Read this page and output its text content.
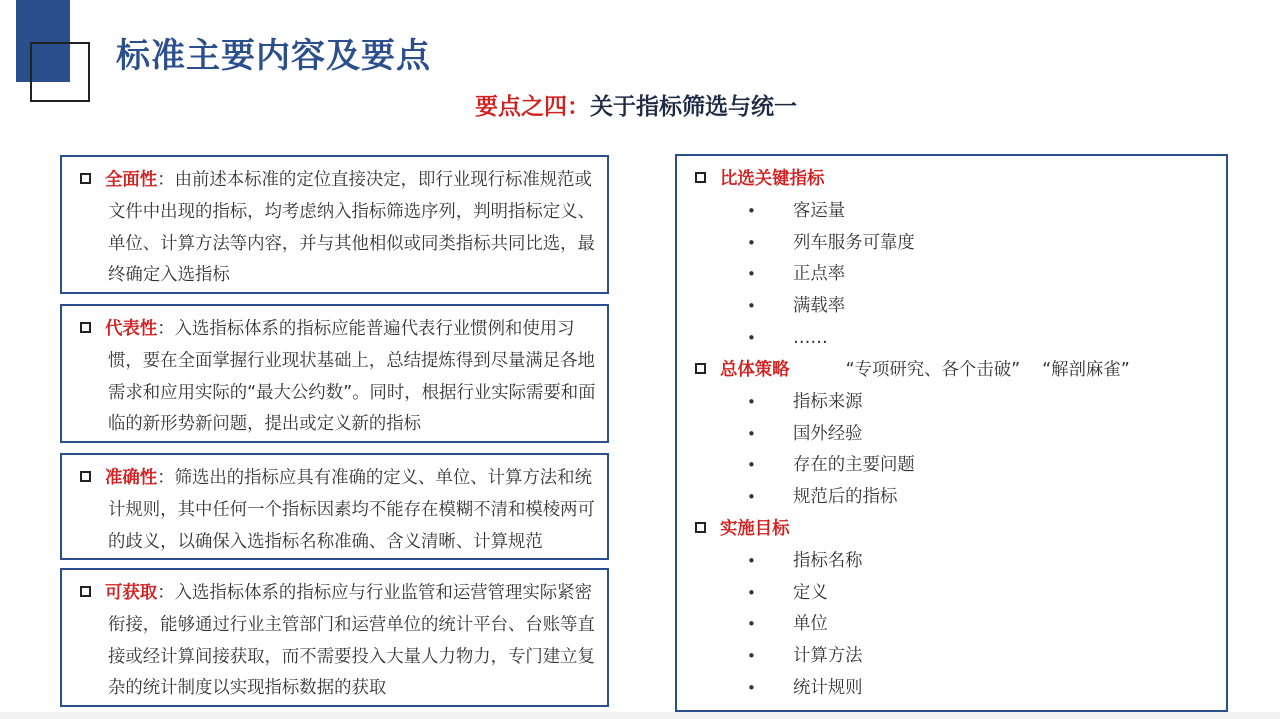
标准主要内容及要点
要点之四：关于指标筛选与统一
全面性：由前述本标准的定位直接决定，即行业现行标准规范或文件中出现的指标，均考虑纳入指标筛选序列，判明指标定义、单位、计算方法等内容，并与其他相似或同类指标共同比选，最终确定入选指标
代表性：入选指标体系的指标应能普遍代表行业惯例和使用习惯，要在全面掌握行业现状基础上，总结提炼得到尽量满足各地需求和应用实际的“最大公约数”。同时，根据行业实际需要和面临的新形势新问题，提出或定义新的指标
准确性：筛选出的指标应具有准确的定义、单位、计算方法和统计规则，其中任何一个指标因素均不能存在模糊不清和模棱两可的歧义，以确保入选指标名称准确、含义清晰、计算规范
可获取：入选指标体系的指标应与行业监管和运营管理实际紧密衔接，能够通过行业主管部门和运营单位的统计平台、台账等直接或经计算间接获取，而不需要投入大量人力物力，专门建立复杂的统计制度以实现指标数据的获取
比选关键指标
• 客运量
• 列车服务可靠度
• 正点率
• 满载率
• ……
总体策略	“专项研究、各个击破” “解剖麻雀”
• 指标来源
• 国外经验
• 存在的主要问题
• 规范后的指标
实施目标
• 指标名称
• 定义
• 单位
• 计算方法
• 统计规则
